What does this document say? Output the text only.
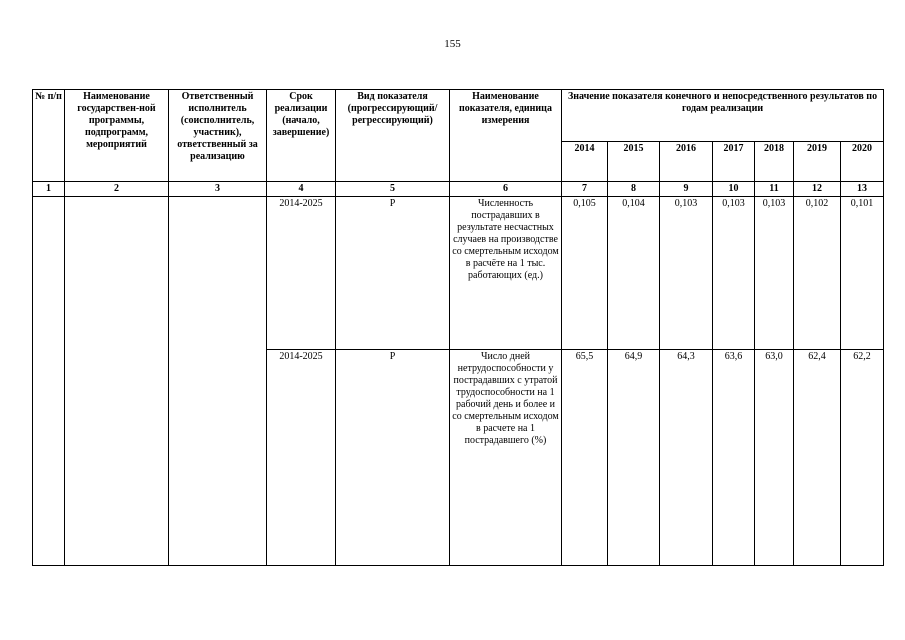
155
№ п/п	Наименование государствен-ной программы, подпрограмм, мероприятий	Ответственный исполнитель (соисполнитель, участник), ответственный за реализацию	Срок реализации (начало, завершение)	Вид показателя (прогрессирующий/ регрессирующий)	Наименование показателя, единица измерения	Значение показателя конечного и непосредственного результатов по годам реализации						
						2014	2015	2016	2017	2018	2019	2020
1	2	3	4	5	6	7	8	9	10	11	12	13
			2014-2025	Р	Численность пострадавших в результате несчастных случаев на производстве со смертельным исходом в расчёте на 1 тыс. работающих (ед.)	0,105	0,104	0,103	0,103	0,103	0,102	0,101
			2014-2025	Р	Число дней нетрудоспособности у пострадавших с утратой трудоспособности на 1 рабочий день и более и со смертельным исходом в расчете на 1 пострадавшего (%)	65,5	64,9	64,3	63,6	63,0	62,4	62,2
